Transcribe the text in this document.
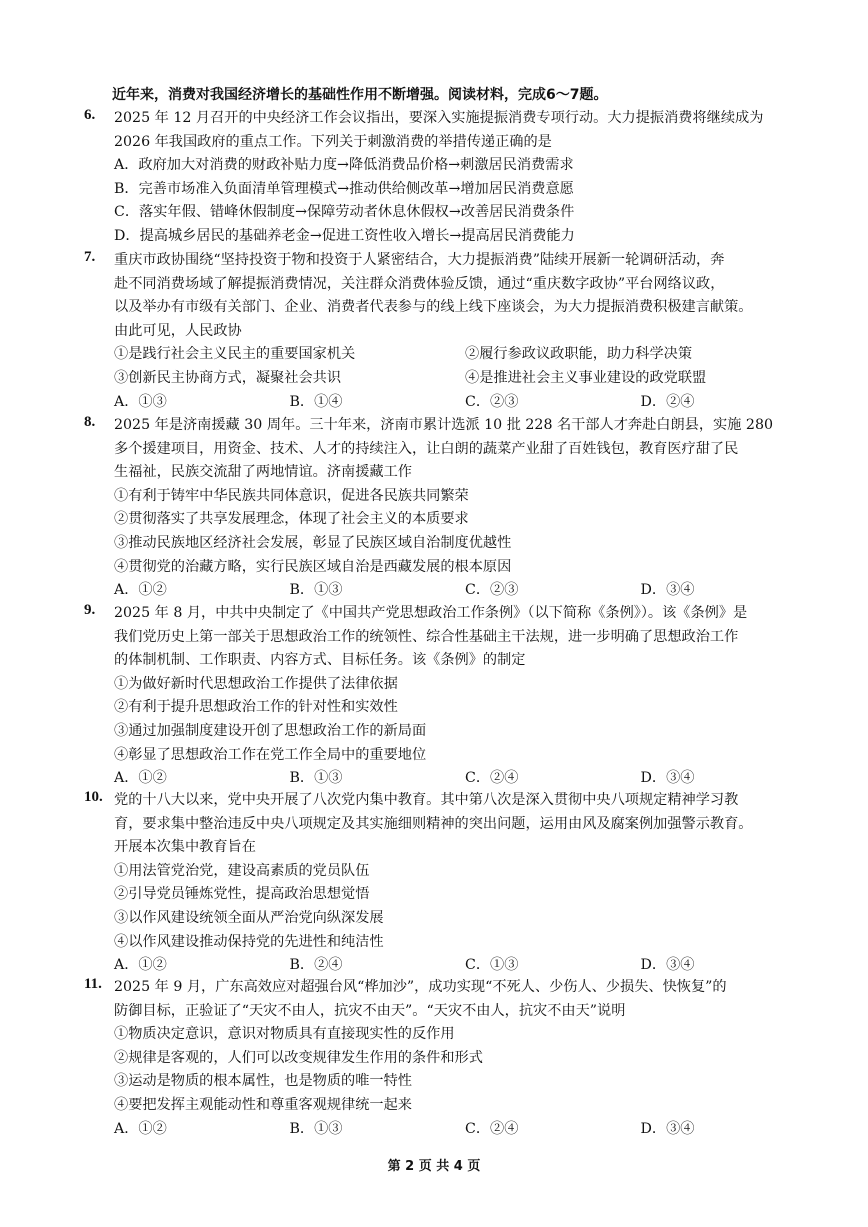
近年来，消费对我国经济增长的基础性作用不断增强。阅读材料，完成6～7题。
6. 2025 年 12 月召开的中央经济工作会议指出，要深入实施提振消费专项行动。大力提振消费将继续成为
2026 年我国政府的重点工作。下列关于刺激消费的举措传递正确的是
A．政府加大对消费的财政补贴力度→降低消费品价格→刺激居民消费需求
B．完善市场准入负面清单管理模式→推动供给侧改革→增加居民消费意愿
C．落实年假、错峰休假制度→保障劳动者休息休假权→改善居民消费条件
D．提高城乡居民的基础养老金→促进工资性收入增长→提高居民消费能力
7. 重庆市政协围绕“坚持投资于物和投资于人紧密结合，大力提振消费”陆续开展新一轮调研活动，奔
赴不同消费场域了解提振消费情况，关注群众消费体验反馈，通过“重庆数字政协”平台网络议政，
以及举办有市级有关部门、企业、消费者代表参与的线上线下座谈会，为大力提振消费积极建言献策。
由此可见，人民政协
①是践行社会主义民主的重要国家机关	②履行参政议政职能，助力科学决策
③创新民主协商方式，凝聚社会共识	④是推进社会主义事业建设的政党联盟
A．①③	B．①④	C．②③	D．②④
8. 2025 年是济南援藏 30 周年。三十年来，济南市累计选派 10 批 228 名干部人才奔赴白朗县，实施 280
多个援建项目，用资金、技术、人才的持续注入，让白朗的蔬菜产业甜了百姓钱包，教育医疗甜了民
生福祉，民族交流甜了两地情谊。济南援藏工作
①有利于铸牢中华民族共同体意识，促进各民族共同繁荣
②贯彻落实了共享发展理念，体现了社会主义的本质要求
③推动民族地区经济社会发展，彰显了民族区域自治制度优越性
④贯彻党的治藏方略，实行民族区域自治是西藏发展的根本原因
A．①②	B．①③	C．②③	D．③④
9. 2025 年 8 月，中共中央制定了《中国共产党思想政治工作条例》（以下简称《条例》）。该《条例》是
我们党历史上第一部关于思想政治工作的统领性、综合性基础主干法规，进一步明确了思想政治工作
的体制机制、工作职责、内容方式、目标任务。该《条例》的制定
①为做好新时代思想政治工作提供了法律依据
②有利于提升思想政治工作的针对性和实效性
③通过加强制度建设开创了思想政治工作的新局面
④彰显了思想政治工作在党工作全局中的重要地位
A．①②	B．①③	C．②④	D．③④
10. 党的十八大以来，党中央开展了八次党内集中教育。其中第八次是深入贯彻中央八项规定精神学习教
育，要求集中整治违反中央八项规定及其实施细则精神的突出问题，运用由风及腐案例加强警示教育。
开展本次集中教育旨在
①用法管党治党，建设高素质的党员队伍
②引导党员锤炼党性，提高政治思想觉悟
③以作风建设统领全面从严治党向纵深发展
④以作风建设推动保持党的先进性和纯洁性
A．①②	B．②④	C．①③	D．③④
11. 2025 年 9 月，广东高效应对超强台风“桦加沙”，成功实现“不死人、少伤人、少损失、快恢复”的
防御目标，正验证了“天灾不由人，抗灾不由天”。“天灾不由人，抗灾不由天”说明
①物质决定意识，意识对物质具有直接现实性的反作用
②规律是客观的，人们可以改变规律发生作用的条件和形式
③运动是物质的根本属性，也是物质的唯一特性
④要把发挥主观能动性和尊重客观规律统一起来
A．①②	B．①③	C．②④	D．③④
第 2 页 共 4 页
